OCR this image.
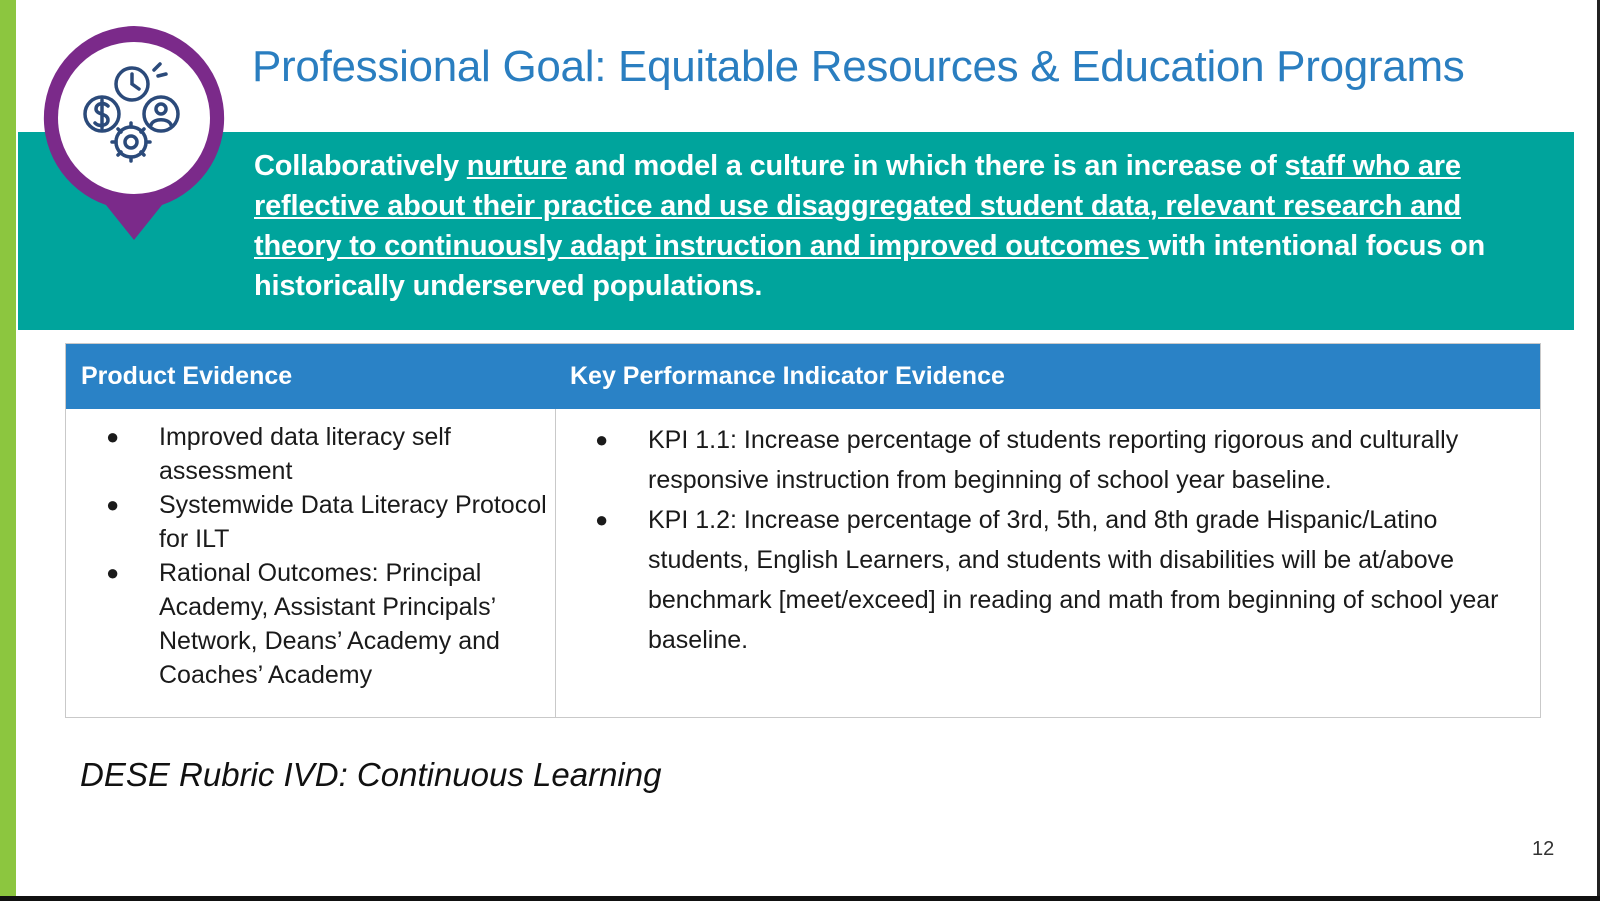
Professional Goal: Equitable Resources & Education Programs
Collaboratively nurture and model a culture in which there is an increase of staff who are reflective about their practice and use disaggregated student data, relevant research and theory to continuously adapt instruction and improved outcomes with intentional focus on historically underserved populations.
Product Evidence	Key Performance Indicator Evidence
● Improved data literacy self assessment
● Systemwide Data Literacy Protocol for ILT
● Rational Outcomes: Principal Academy, Assistant Principals’ Network, Deans’ Academy and Coaches’ Academy
● KPI 1.1: Increase percentage of students reporting rigorous and culturally responsive instruction from beginning of school year baseline.
● KPI 1.2: Increase percentage of 3rd, 5th, and 8th grade Hispanic/Latino students, English Learners, and students with disabilities will be at/above benchmark [meet/exceed] in reading and math from beginning of school year baseline.
DESE Rubric IVD: Continuous Learning
12
